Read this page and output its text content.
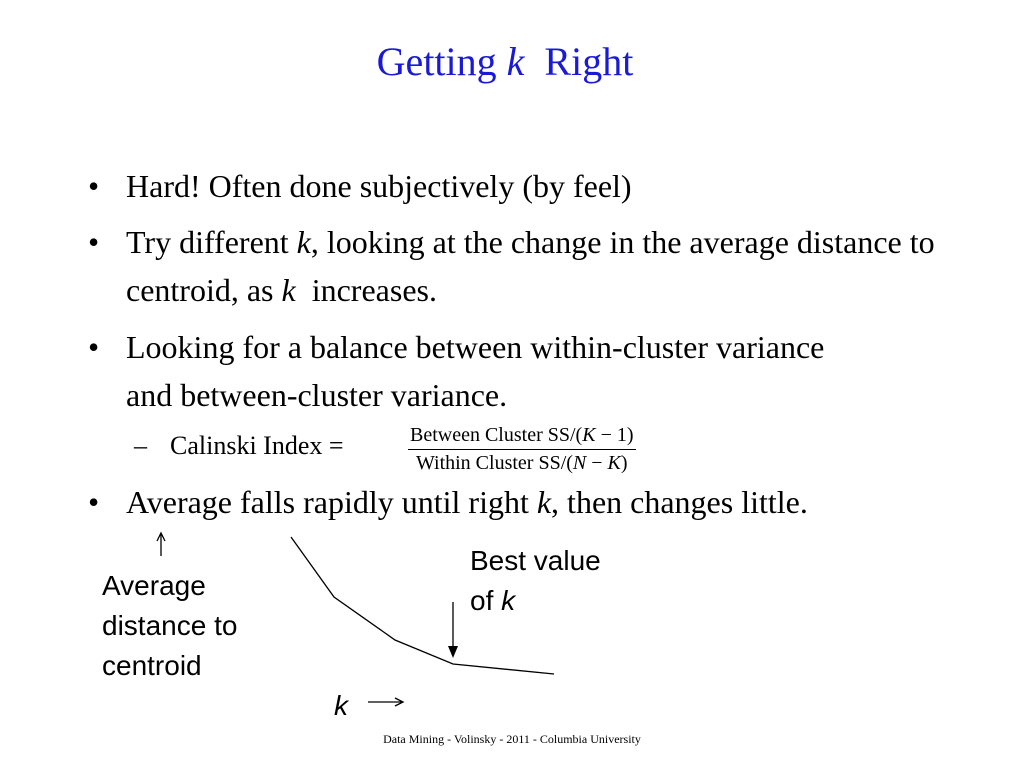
Getting k  Right
• Hard! Often done subjectively (by feel)
• Try different k, looking at the change in the average distance to centroid, as k  increases.
• Looking for a balance between within-cluster variance and between-cluster variance.
– Calinski Index =	Between Cluster SS/(K − 1)
Within Cluster SS/(N − K)
• Average falls rapidly until right k, then changes little.
Average
distance to
centroid
Best value
of k
k
Data Mining - Volinsky - 2011 - Columbia University
